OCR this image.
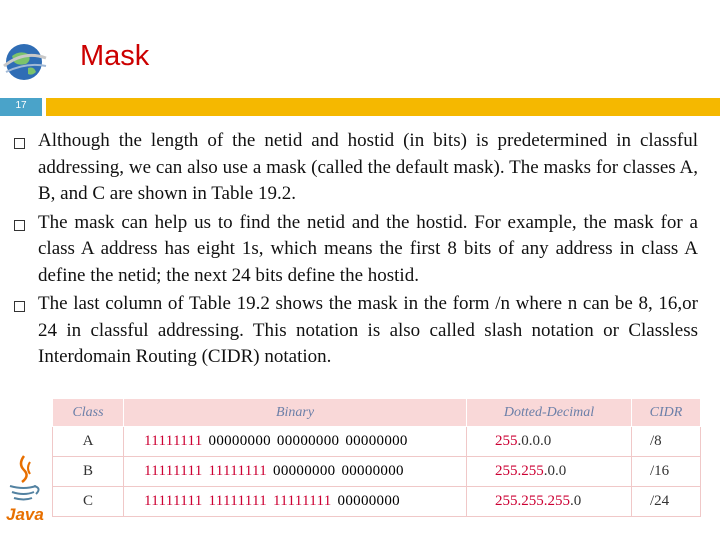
Mask
17
Although the length of the netid and hostid (in bits) is predetermined in classful addressing, we can also use a mask (called the default mask). The masks for classes A, B, and C are shown in Table 19.2.
The mask can help us to find the netid and the hostid. For example, the mask for a class A address has eight 1s, which means the first 8 bits of any address in class A define the netid; the next 24 bits define the hostid.
The last column of Table 19.2 shows the mask in the form /n where n can be 8, 16,or 24 in classful addressing. This notation is also called slash notation or Classless Interdomain Routing (CIDR) notation.
Class	Binary	Dotted-Decimal	CIDR
A	11111111 00000000 00000000 00000000	255.0.0.0	/8
B	11111111 11111111 00000000 00000000	255.255.0.0	/16
C	11111111 11111111 11111111 00000000	255.255.255.0	/24
Java
